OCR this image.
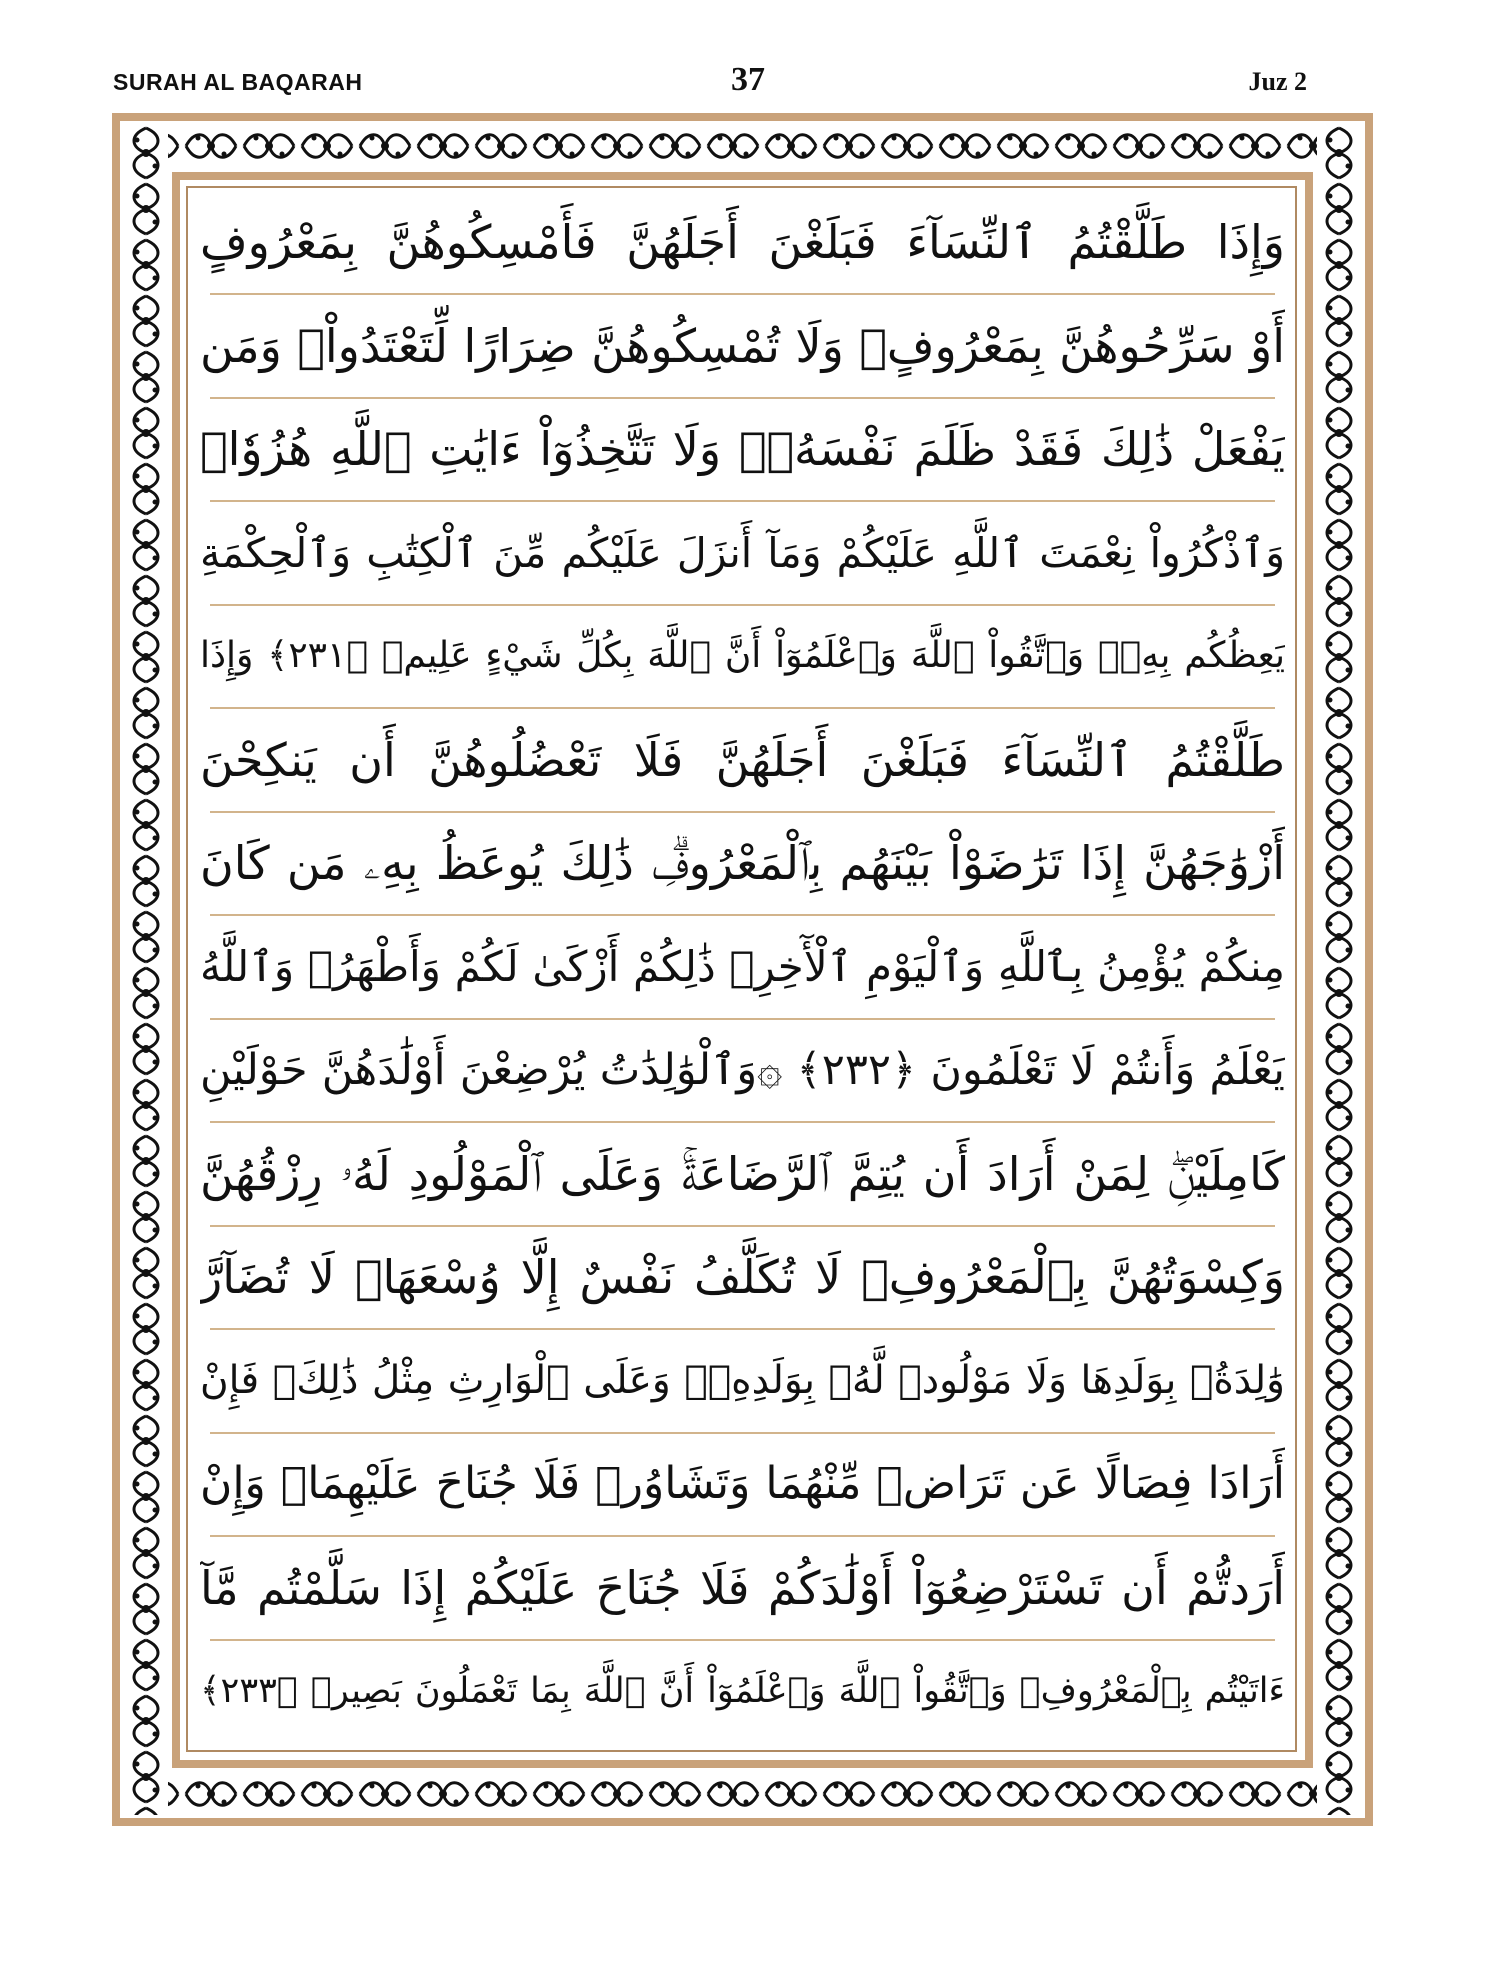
SURAH AL BAQARAH	37	Juz 2
وَإِذَا طَلَّقْتُمُ ٱلنِّسَآءَ فَبَلَغْنَ أَجَلَهُنَّ فَأَمْسِكُوهُنَّ بِمَعْرُوفٍ
أَوْ سَرِّحُوهُنَّ بِمَعْرُوفٍۚ وَلَا تُمْسِكُوهُنَّ ضِرَارًا لِّتَعْتَدُواْۚ وَمَن
يَفْعَلْ ذَٰلِكَ فَقَدْ ظَلَمَ نَفْسَهُۥۚ وَلَا تَتَّخِذُوٓاْ ءَايَٰتِ ٱللَّهِ هُزُوٗاۚ
وَٱذْكُرُواْ نِعْمَتَ ٱللَّهِ عَلَيْكُمْ وَمَآ أَنزَلَ عَلَيْكُم مِّنَ ٱلْكِتَٰبِ وَٱلْحِكْمَةِ
يَعِظُكُم بِهِۦۚ وَٱتَّقُواْ ٱللَّهَ وَٱعْلَمُوٓاْ أَنَّ ٱللَّهَ بِكُلِّ شَيْءٍ عَلِيمٞ ﴿٢٣١﴾ وَإِذَا
طَلَّقْتُمُ ٱلنِّسَآءَ فَبَلَغْنَ أَجَلَهُنَّ فَلَا تَعْضُلُوهُنَّ أَن يَنكِحْنَ
أَزْوَٰجَهُنَّ إِذَا تَرَٰضَوْاْ بَيْنَهُم بِٱلْمَعْرُوفِۗ ذَٰلِكَ يُوعَظُ بِهِۦ مَن كَانَ
مِنكُمْ يُؤْمِنُ بِٱللَّهِ وَٱلْيَوْمِ ٱلْأٓخِرِۗ ذَٰلِكُمْ أَزْكَىٰ لَكُمْ وَأَطْهَرُۚ وَٱللَّهُ
يَعْلَمُ وَأَنتُمْ لَا تَعْلَمُونَ ﴿٢٣٢﴾ ۞وَٱلْوَٰلِدَٰتُ يُرْضِعْنَ أَوْلَٰدَهُنَّ حَوْلَيْنِ
كَامِلَيْنِۖ لِمَنْ أَرَادَ أَن يُتِمَّ ٱلرَّضَاعَةَۚ وَعَلَى ٱلْمَوْلُودِ لَهُۥ رِزْقُهُنَّ
وَكِسْوَتُهُنَّ بِٱلْمَعْرُوفِۚ لَا تُكَلَّفُ نَفْسٌ إِلَّا وُسْعَهَاۚ لَا تُضَآرَّ
وَٰلِدَةُۢ بِوَلَدِهَا وَلَا مَوْلُودٞ لَّهُۥ بِوَلَدِهِۦۚ وَعَلَى ٱلْوَارِثِ مِثْلُ ذَٰلِكَۗ فَإِنْ
أَرَادَا فِصَالًا عَن تَرَاضٖ مِّنْهُمَا وَتَشَاوُرٖ فَلَا جُنَاحَ عَلَيْهِمَاۗ وَإِنْ
أَرَدتُّمْ أَن تَسْتَرْضِعُوٓاْ أَوْلَٰدَكُمْ فَلَا جُنَاحَ عَلَيْكُمْ إِذَا سَلَّمْتُم مَّآ
ءَاتَيْتُم بِٱلْمَعْرُوفِۗ وَٱتَّقُواْ ٱللَّهَ وَٱعْلَمُوٓاْ أَنَّ ٱللَّهَ بِمَا تَعْمَلُونَ بَصِيرٞ ﴿٢٣٣﴾
